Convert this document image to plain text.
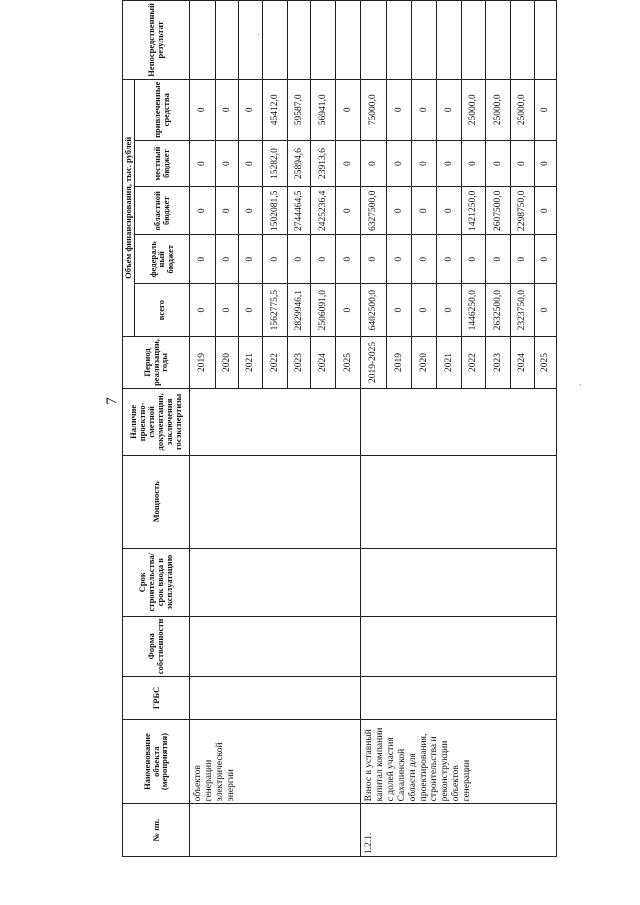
7
№ пп.	Наименование объекта (мероприятия)	ГРБС	Форма собственности	Срок строительства/срок ввода в эксплуатацию	Мощность	Наличие проектно-сметной документации, заключения госэкспертизы	Период реализации, годы	Объем финансирования, тыс. рублей					Непосредственный результат
								всего	федераль ный бюджет	областной бюджет	местный бюджет	привлеченные средства	
	объектов генерации электрической энергии						2019	0	0	0	0	0	
							2020	0	0	0	0	0	
							2021	0	0	0	0	0	
							2022	1562775,5	0	1502081,5	15282,0	45412,0	
							2023	2829946,1	0	2744464,5	25894,6	59587,0	
							2024	2506091,0	0	2425236,4	23913,6	56941,0	
							2025	0	0	0	0	0	
1.2.1.	Взнос в уставный капитал компании с долей участия Сахалинской области для проектирования, строительства и реконструкции объектов генерации						2019-2025	6402500,0	0	6327500,0	0	75000,0	
							2019	0	0	0	0	0	
							2020	0	0	0	0	0	
							2021	0	0	0	0	0	
							2022	1446250,0	0	1421250,0	0	25000,0	
							2023	2632500,0	0	2607500,0	0	25000,0	
							2024	2323750,0	0	2298750,0	0	25000,0	
							2025	0	0	0	0	0	
